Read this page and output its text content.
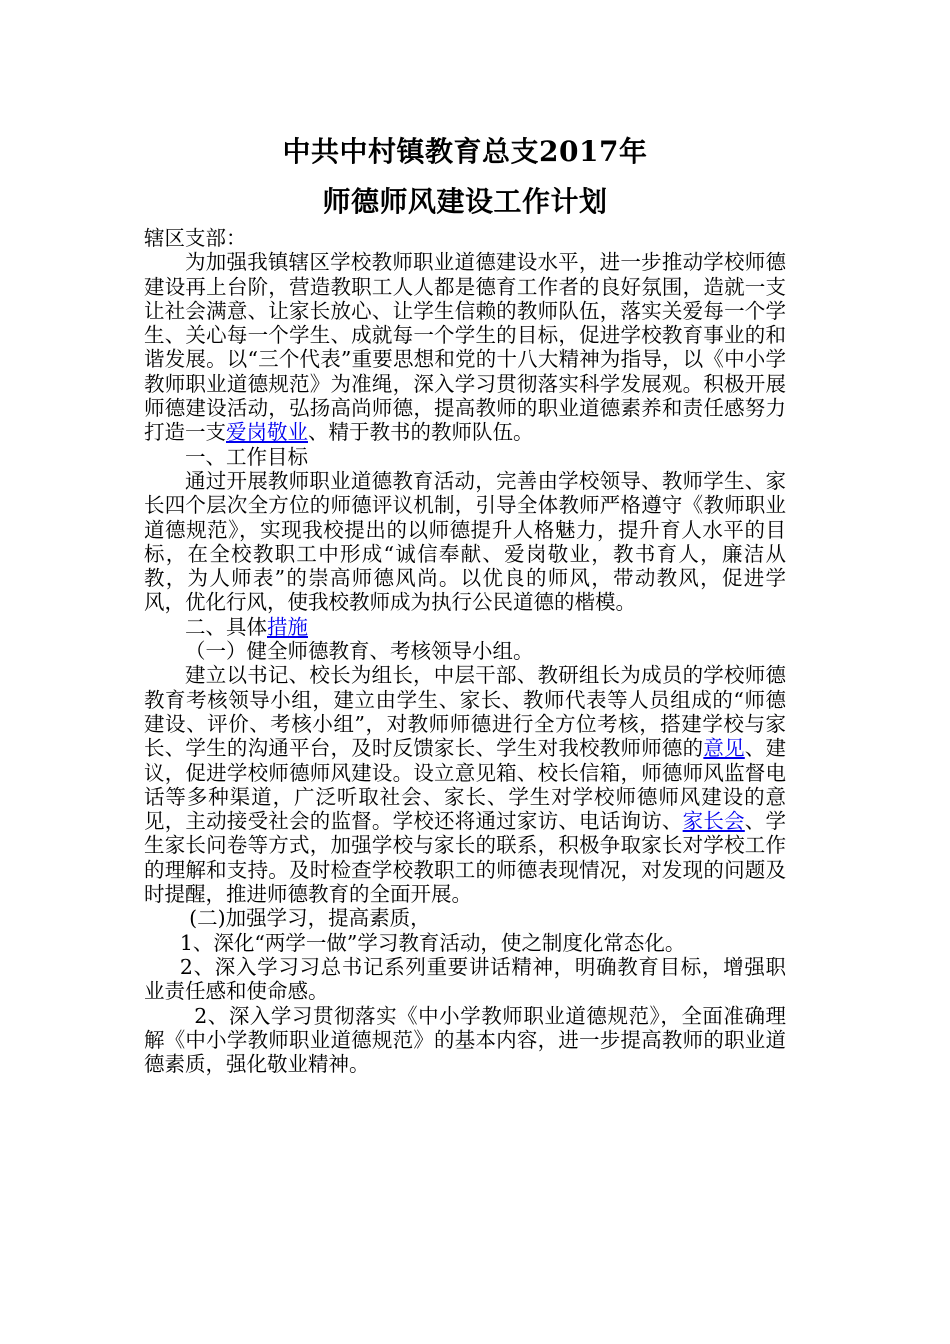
中共中村镇教育总支2017年
师德师风建设工作计划

辖区支部：

为加强我镇辖区学校教师职业道德建设水平，进一步推动学校师德建设再上台阶，营造教职工人人都是德育工作者的良好氛围，造就一支让社会满意、让家长放心、让学生信赖的教师队伍，落实关爱每一个学生、关心每一个学生、成就每一个学生的目标，促进学校教育事业的和谐发展。以“三个代表”重要思想和党的十八大精神为指导，以《中小学教师职业道德规范》为准绳，深入学习贯彻落实科学发展观。积极开展师德建设活动，弘扬高尚师德，提高教师的职业道德素养和责任感努力打造一支爱岗敬业、精于教书的教师队伍。

一、工作目标

通过开展教师职业道德教育活动，完善由学校领导、教师学生、家长四个层次全方位的师德评议机制，引导全体教师严格遵守《教师职业道德规范》，实现我校提出的以师德提升人格魅力，提升育人水平的目标，在全校教职工中形成“诚信奉献、爱岗敬业，教书育人，廉洁从教，为人师表”的崇高师德风尚。以优良的师风，带动教风，促进学风，优化行风，使我校教师成为执行公民道德的楷模。

二、具体措施

（一）健全师德教育、考核领导小组。

建立以书记、校长为组长，中层干部、教研组长为成员的学校师德教育考核领导小组，建立由学生、家长、教师代表等人员组成的“师德建设、评价、考核小组”，对教师师德进行全方位考核，搭建学校与家长、学生的沟通平台，及时反馈家长、学生对我校教师师德的意见、建议，促进学校师德师风建设。设立意见箱、校长信箱，师德师风监督电话等多种渠道，广泛听取社会、家长、学生对学校师德师风建设的意见，主动接受社会的监督。学校还将通过家访、电话询访、家长会、学生家长问卷等方式，加强学校与家长的联系，积极争取家长对学校工作的理解和支持。及时检查学校教职工的师德表现情况，对发现的问题及时提醒，推进师德教育的全面开展。

(二)加强学习，提高素质，

1、深化“两学一做”学习教育活动，使之制度化常态化。

2、深入学习习总书记系列重要讲话精神，明确教育目标，增强职业责任感和使命感。

2、深入学习贯彻落实《中小学教师职业道德规范》，全面准确理解《中小学教师职业道德规范》的基本内容，进一步提高教师的职业道德素质，强化敬业精神。
